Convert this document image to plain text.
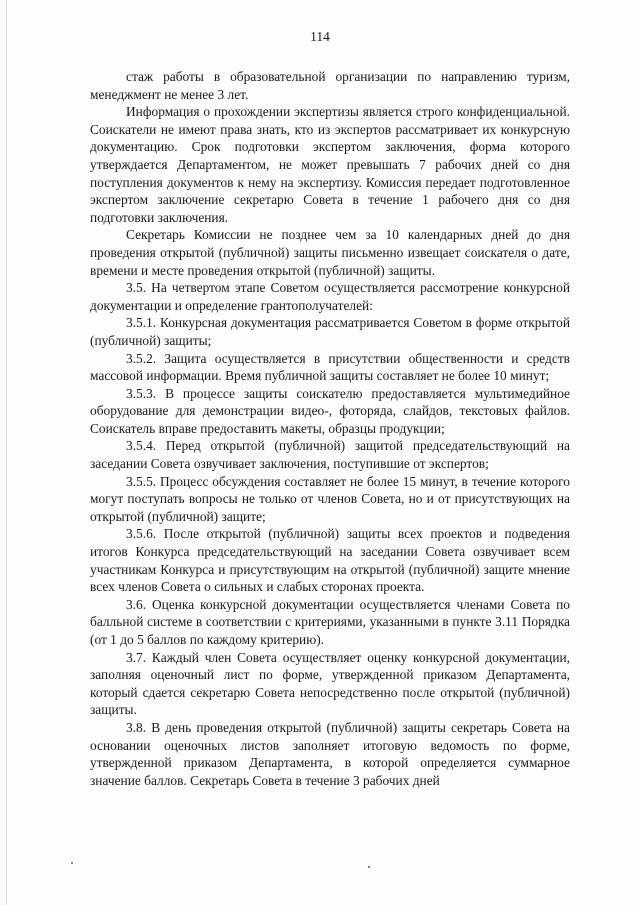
114

стаж работы в образовательной организации по направлению туризм, менеджмент не менее 3 лет.

Информация о прохождении экспертизы является строго конфиденциальной. Соискатели не имеют права знать, кто из экспертов рассматривает их конкурсную документацию. Срок подготовки экспертом заключения, форма которого утверждается Департаментом, не может превышать 7 рабочих дней со дня поступления документов к нему на экспертизу. Комиссия передает подготовленное экспертом заключение секретарю Совета в течение 1 рабочего дня со дня подготовки заключения.

Секретарь Комиссии не позднее чем за 10 календарных дней до дня проведения открытой (публичной) защиты письменно извещает соискателя о дате, времени и месте проведения открытой (публичной) защиты.

3.5. На четвертом этапе Советом осуществляется рассмотрение конкурсной документации и определение грантополучателей:

3.5.1. Конкурсная документация рассматривается Советом в форме открытой (публичной) защиты;

3.5.2. Защита осуществляется в присутствии общественности и средств массовой информации. Время публичной защиты составляет не более 10 минут;

3.5.3. В процессе защиты соискателю предоставляется мультимедийное оборудование для демонстрации видео-, фоторяда, слайдов, текстовых файлов. Соискатель вправе предоставить макеты, образцы продукции;

3.5.4. Перед открытой (публичной) защитой председательствующий на заседании Совета озвучивает заключения, поступившие от экспертов;

3.5.5. Процесс обсуждения составляет не более 15 минут, в течение которого могут поступать вопросы не только от членов Совета, но и от присутствующих на открытой (публичной) защите;

3.5.6. После открытой (публичной) защиты всех проектов и подведения итогов Конкурса председательствующий на заседании Совета озвучивает всем участникам Конкурса и присутствующим на открытой (публичной) защите мнение всех членов Совета о сильных и слабых сторонах проекта.

3.6. Оценка конкурсной документации осуществляется членами Совета по балльной системе в соответствии с критериями, указанными в пункте 3.11 Порядка (от 1 до 5 баллов по каждому критерию).

3.7. Каждый член Совета осуществляет оценку конкурсной документации, заполняя оценочный лист по форме, утвержденной приказом Департамента, который сдается секретарю Совета непосредственно после открытой (публичной) защиты.

3.8. В день проведения открытой (публичной) защиты секретарь Совета на основании оценочных листов заполняет итоговую ведомость по форме, утвержденной приказом Департамента, в которой определяется суммарное значение баллов. Секретарь Совета в течение 3 рабочих дней
